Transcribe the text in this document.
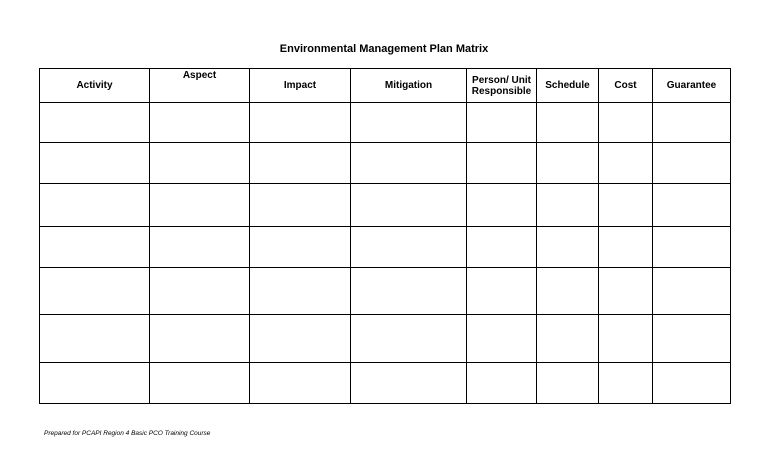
Environmental Management Plan Matrix
Activity	Aspect	Impact	Mitigation	Person/ Unit Responsible	Schedule	Cost	Guarantee

Prepared for PCAPI Region 4 Basic PCO Training Course
